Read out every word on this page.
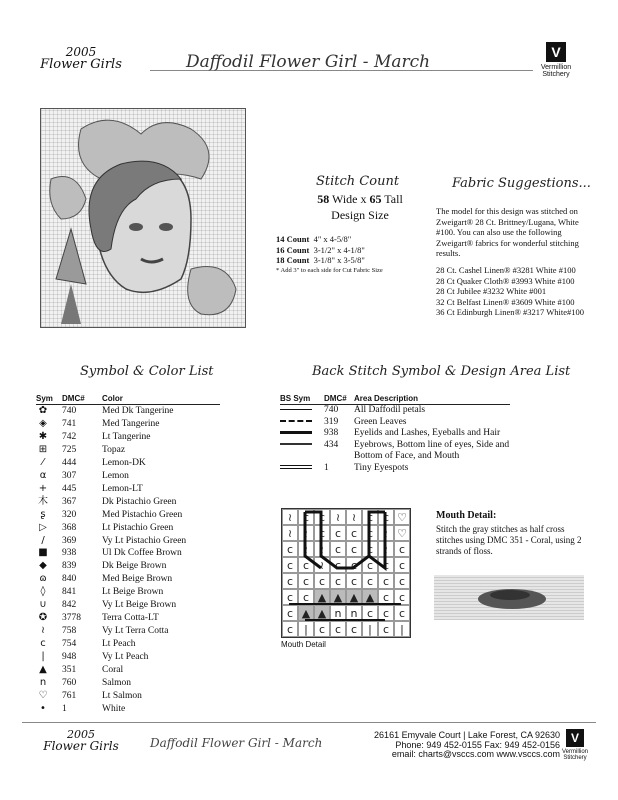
2005
Flower Girls	Daffodil Flower Girl - March	V
Vermillion
Stitchery
Stitch Count
58 Wide x 65 Tall
Design Size
14 Count 4" x 4-5/8"
16 Count 3-1/2" x 4-1/8"
18 Count 3-1/8" x 3-5/8"
* Add 3" to each side for Cut Fabric Size
Fabric Suggestions...
The model for this design was stitched on Zweigart® 28 Ct. Brittney/Lugana, White #100. You can also use the following Zweigart® fabrics for wonderful stitching results.
28 Ct. Cashel Linen® #3281 White #100
28 Ct Quaker Cloth® #3993 White #100
28 Ct Jubilee #3232 White #001
32 Ct Belfast Linen® #3609 White #100
36 Ct Edinburgh Linen® #3217 White#100
Symbol & Color List
Sym	DMC#	Color
✿	740	Med Dk Tangerine
◈	741	Med Tangerine
✱	742	Lt Tangerine
⊞	725	Topaz
⁄	444	Lemon-DK
α	307	Lemon
+	445	Lemon-LT
木	367	Dk Pistachio Green
ʂ	320	Med Pistachio Green
▷	368	Lt Pistachio Green
/	369	Vy Lt Pistachio Green
■	938	Ul Dk Coffee Brown
◆	839	Dk Beige Brown
ɷ	840	Med Beige Brown
◊	841	Lt Beige Brown
∪	842	Vy Lt Beige Brown
✪	3778	Terra Cotta-LT
≀	758	Vy Lt Terra Cotta
c	754	Lt Peach
|	948	Vy Lt Peach
▲	351	Coral
n	760	Salmon
♡	761	Lt Salmon
•	1	White
Back Stitch Symbol & Design Area List
BS Sym	DMC#	Area Description
	740	All Daffodil petals
	319	Green Leaves
	938	Eyelids and Lashes, Eyeballs and Hair
	434	Eyebrows, Bottom line of eyes, Side and Bottom of Face, and Mouth
	1	Tiny Eyespots
≀ c c ≀	≀ c c ♡
≀	≀ c c c c ≀ ♡
c ≀	≀ c c c ≀ c
c c ≀ c c c c c
c c c c c c c c
c c ▲ ▲ ▲ ▲ c c
c ▲ ▲ n n c c c
c	|	c c c	|	c	|
Mouth Detail
Mouth Detail:
Stitch the gray stitches as half cross stitches using DMC 351 - Coral, using 2 strands of floss.
2005
Flower Girls	Daffodil Flower Girl - March
26161 Emyvale Court | Lake Forest, CA 92630
Phone: 949 452-0155 Fax: 949 452-0156
email: charts@vsccs.com www.vsccs.com
V
Vermillion
Stitchery
